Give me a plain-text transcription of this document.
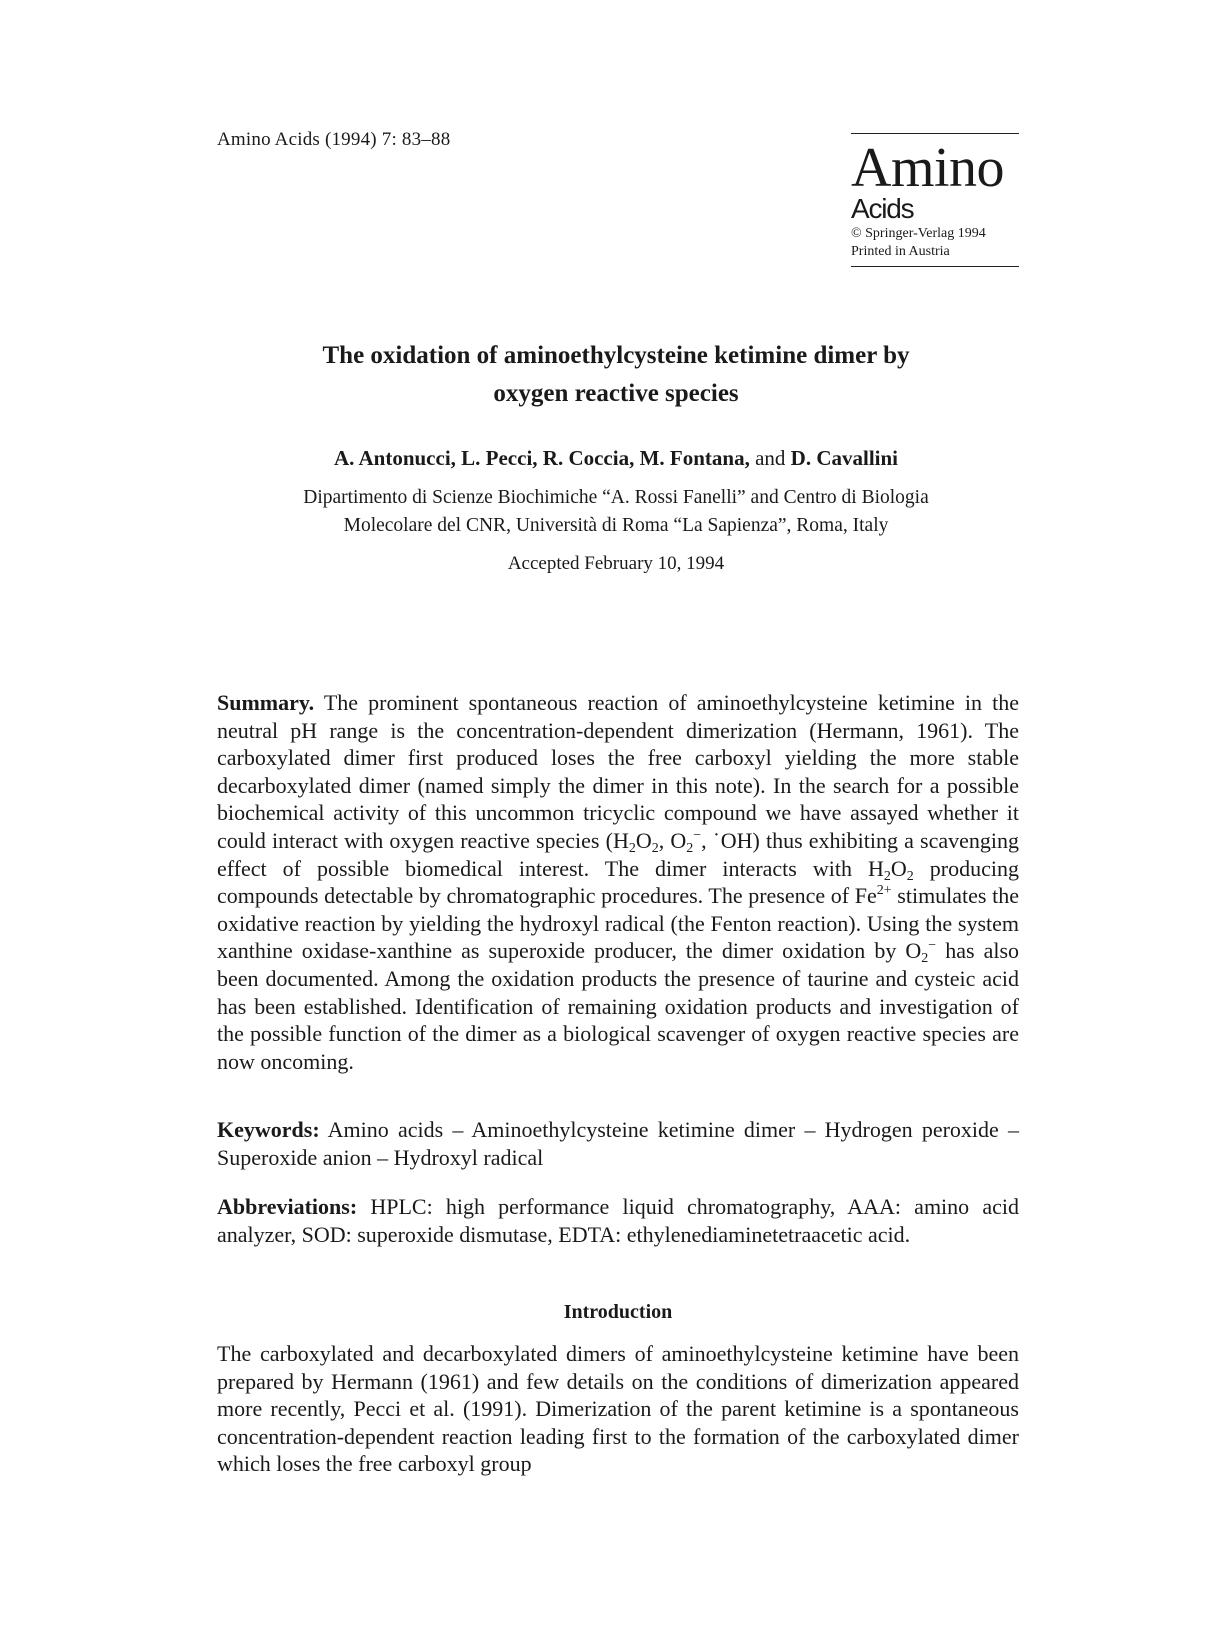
Amino Acids (1994) 7: 83–88	Amino
Acids
© Springer-Verlag 1994
Printed in Austria
The oxidation of aminoethylcysteine ketimine dimer by
oxygen reactive species
A. Antonucci, L. Pecci, R. Coccia, M. Fontana, and D. Cavallini
Dipartimento di Scienze Biochimiche “A. Rossi Fanelli” and Centro di Biologia
Molecolare del CNR, Università di Roma “La Sapienza”, Roma, Italy
Accepted February 10, 1994
Summary. The prominent spontaneous reaction of aminoethylcysteine ketimine in the neutral pH range is the concentration-dependent dimerization (Hermann, 1961). The carboxylated dimer first produced loses the free carboxyl yielding the more stable decarboxylated dimer (named simply the dimer in this note). In the search for a possible biochemical activity of this uncommon tricyclic compound we have assayed whether it could interact with oxygen reactive species ($H_2O_2$, $O_2^-$, ˙OH) thus exhibiting a scavenging effect of possible biomedical interest. The dimer interacts with $H_2O_2$ producing compounds detectable by chromatographic procedures. The presence of $Fe^{2+}$ stimulates the oxidative reaction by yielding the hydroxyl radical (the Fenton reaction). Using the system xanthine oxidase-xanthine as superoxide producer, the dimer oxidation by $O_2^-$ has also been documented. Among the oxidation products the presence of taurine and cysteic acid has been established. Identification of remaining oxidation products and investigation of the possible function of the dimer as a biological scavenger of oxygen reactive species are now oncoming.
Keywords: Amino acids – Aminoethylcysteine ketimine dimer – Hydrogen peroxide – Superoxide anion – Hydroxyl radical
Abbreviations: HPLC: high performance liquid chromatography, AAA: amino acid analyzer, SOD: superoxide dismutase, EDTA: ethylenediaminetetraacetic acid.
Introduction
The carboxylated and decarboxylated dimers of aminoethylcysteine ketimine have been prepared by Hermann (1961) and few details on the conditions of dimerization appeared more recently, Pecci et al. (1991). Dimerization of the parent ketimine is a spontaneous concentration-dependent reaction leading first to the formation of the carboxylated dimer which loses the free carboxyl group
